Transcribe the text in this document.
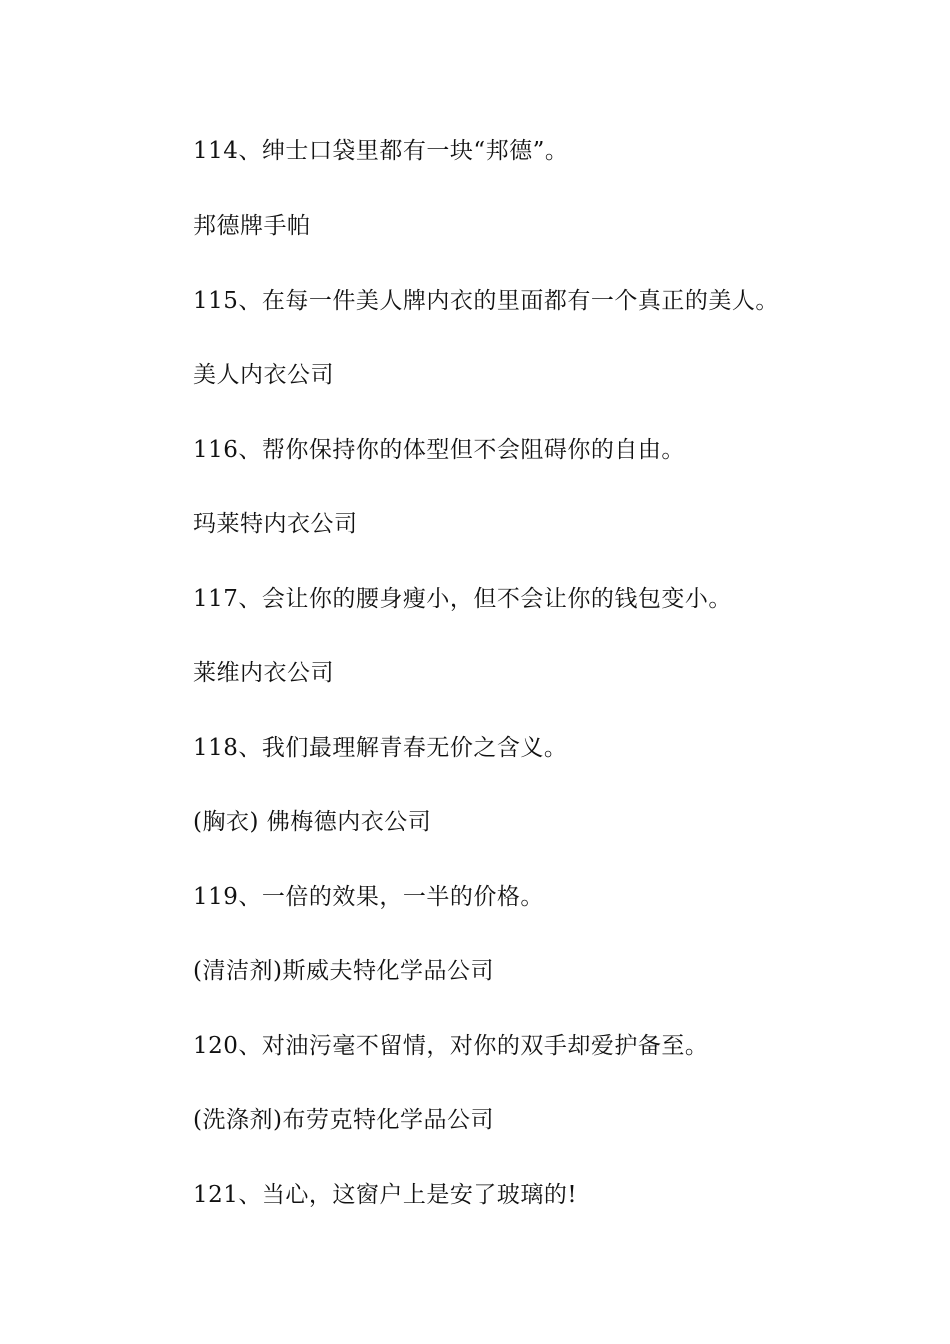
114、绅士口袋里都有一块“邦德”。
邦德牌手帕
115、在每一件美人牌内衣的里面都有一个真正的美人。
美人内衣公司
116、帮你保持你的体型但不会阻碍你的自由。
玛莱特内衣公司
117、会让你的腰身瘦小，但不会让你的钱包变小。
莱维内衣公司
118、我们最理解青春无价之含义。
(胸衣) 佛梅德内衣公司
119、一倍的效果，一半的价格。
(清洁剂)斯威夫特化学品公司
120、对油污毫不留情，对你的双手却爱护备至。
(洗涤剂)布劳克特化学品公司
121、当心，这窗户上是安了玻璃的!
